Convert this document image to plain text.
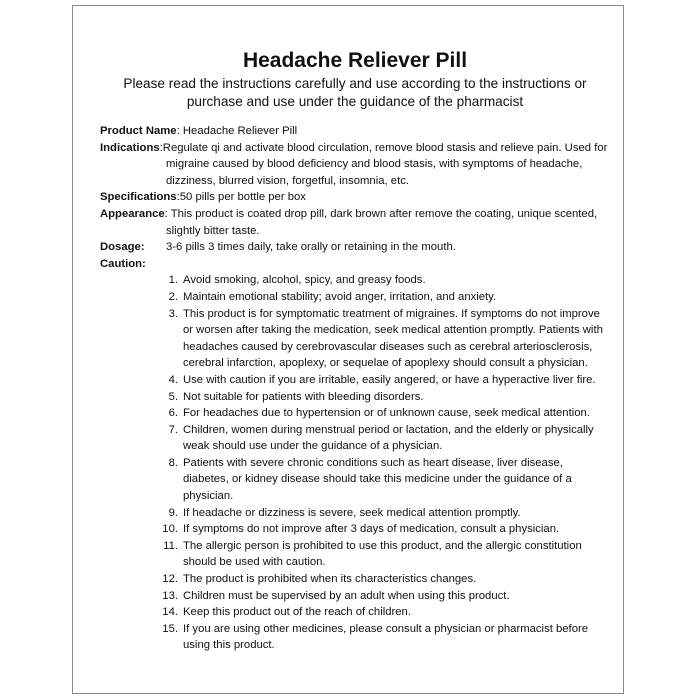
Headache Reliever Pill
Please read the instructions carefully and use according to the instructions or purchase and use under the guidance of the pharmacist
Product Name : Headache Reliever Pill
Indications:Regulate qi and activate blood circulation, remove blood stasis and relieve pain. Used for migraine caused by blood deficiency and blood stasis, with symptoms of headache, dizziness, blurred vision, forgetful, insomnia, etc.
Specifications : 50 pills per bottle per box
Appearance: This product is coated drop pill, dark brown after remove the coating, unique scented, slightly bitter taste.
Dosage: 3-6 pills 3 times daily, take orally or retaining in the mouth.
Caution :
1. Avoid smoking, alcohol, spicy, and greasy foods.
2. Maintain emotional stability; avoid anger, irritation, and anxiety.
3. This product is for symptomatic treatment of migraines. If symptoms do not improve or worsen after taking the medication, seek medical attention promptly. Patients with headaches caused by cerebrovascular diseases such as cerebral arteriosclerosis, cerebral infarction, apoplexy, or sequelae of apoplexy should consult a physician.
4. Use with caution if you are irritable, easily angered, or have a hyperactive liver fire.
5. Not suitable for patients with bleeding disorders.
6. For headaches due to hypertension or of unknown cause, seek medical attention.
7. Children, women during menstrual period or lactation, and the elderly or physically weak should use under the guidance of a physician.
8. Patients with severe chronic conditions such as heart disease, liver disease, diabetes, or kidney disease should take this medicine under the guidance of a physician.
9. If headache or dizziness is severe, seek medical attention promptly.
10. If symptoms do not improve after 3 days of medication, consult a physician.
11. The allergic person is prohibited to use this product, and the allergic constitution should be used with caution.
12. The product is prohibited when its characteristics changes.
13. Children must be supervised by an adult when using this product.
14. Keep this product out of the reach of children.
15. If you are using other medicines, please consult a physician or pharmacist before using this product.
